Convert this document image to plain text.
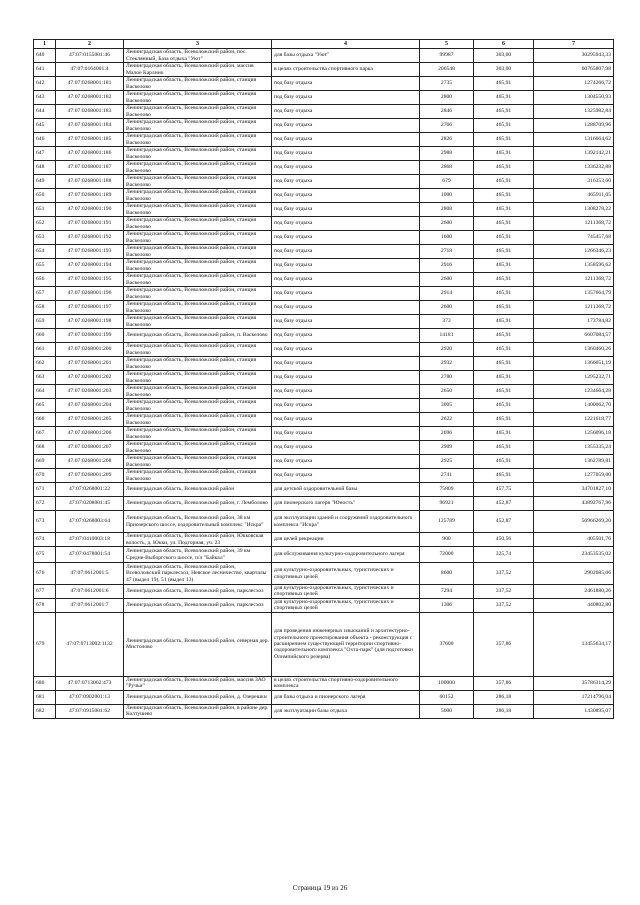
1	2	3	4	5	6	7
640	47:07:0155001:46	Ленинградская область, Всеволожский район, пос. Стеклянный, База отдыха "Уют"	для базы отдыха "Уют"	99987	303,00	30295943,33
641	47:07:0164001:4	Ленинградская область, Всеволожский район, массив Малое Карлино	в целях строительства спортивного парка	200548	303,00	60765807,98
642	47:07:0268001:181	Ленинградская область, Всеволожский район, станция Васкелово	под базу отдыха	2735	465,91	1274266,72
643	47:07:0268001:182	Ленинградская область, Всеволожский район, станция Васкелово	под базу отдыха	2800	465,91	1304550,93
644	47:07:0268001:183	Ленинградская область, Всеволожский район, станция Васкелово	под базу отдыха	2846	465,91	1325982,84
645	47:07:0268001:184	Ленинградская область, Всеволожский район, станция Васкелово	под базу отдыха	2766	465,91	1288709,96
646	47:07:0268001:185	Ленинградская область, Всеволожский район, станция Васкелово	под базу отдыха	2826	465,91	1316664,62
647	47:07:0268001:186	Ленинградская область, Всеволожский район, станция Васкелово	под базу отдыха	2988	465,91	1392142,21
648	47:07:0268001:187	Ленинградская область, Всеволожский район, станция Васкелово	под базу отдыха	2868	465,91	1336232,88
649	47:07:0268001:188	Ленинградская область, Всеволожский район, станция Васкелово	под базу отдыха	679	465,91	316353,60
650	47:07:0268001:189	Ленинградская область, Всеволожский район, станция Васкелово	под базу отдыха	1000	465,91	465911,05
651	47:07:0268001:190	Ленинградская область, Всеволожский район, станция Васкелово	под базу отдыха	2808	465,91	1308278,22
652	47:07:0268001:191	Ленинградская область, Всеволожский район, станция Васкелово	под базу отдыха	2600	465,91	1211368,72
653	47:07:0268001:192	Ленинградская область, Всеволожский район, станция Васкелово	под базу отдыха	1600	465,91	745457,68
654	47:07:0268001:193	Ленинградская область, Всеволожский район, станция Васкелово	под базу отдыха	2718	465,91	1266346,23
655	47:07:0268001:194	Ленинградская область, Всеволожский район, станция Васкелово	под базу отдыха	2916	465,91	1358596,62
656	47:07:0268001:195	Ленинградская область, Всеволожский район, станция Васкелово	под базу отдыха	2600	465,91	1211368,72
657	47:07:0268001:196	Ленинградская область, Всеволожский район, станция Васкелово	под базу отдыха	2914	465,91	1357664,79
658	47:07:0268001:197	Ленинградская область, Всеволожский район, станция Васкелово	под базу отдыха	2600	465,91	1211368,72
659	47:07:0268001:198	Ленинградская область, Всеволожский район, станция Васкелово	под базу отдыха	373	465,91	173784,82
660	47:07:0268001:199	Ленинградская область, Всеволожский район, п. Васкелово	под базу отдыха	14181	465,91	6607084,57
661	47:07:0268001:200	Ленинградская область, Всеволожский район, станция Васкелово	под базу отдыха	2920	465,91	1360460,26
662	47:07:0268001:201	Ленинградская область, Всеволожский район, станция Васкелово	под базу отдыха	2932	465,91	1366051,19
663	47:07:0268001:202	Ленинградская область, Всеволожский район, станция Васкелово	под базу отдыха	2780	465,91	1295232,71
664	47:07:0268001:203	Ленинградская область, Всеволожский район, станция Васкелово	под базу отдыха	2650	465,91	1234664,28
665	47:07:0268001:204	Ленинградская область, Всеволожский район, станция Васкелово	под базу отдыха	3005	465,91	1400062,70
666	47:07:0268001:205	Ленинградская область, Всеволожский район, станция Васкелово	под базу отдыха	2622	465,91	1221618,77
667	47:07:0268001:206	Ленинградская область, Всеволожский район, станция Васкелово	под базу отдыха	2696	465,91	1256096,18
668	47:07:0268001:207	Ленинградская область, Всеволожский район, станция Васкелово	под базу отдыха	2909	465,91	1355335,24
669	47:07:0268001:208	Ленинградская область, Всеволожский район, станция Васкелово	под базу отдыха	2925	465,91	1362789,81
670	47:07:0268001:209	Ленинградская область, Всеволожский район, станция Васкелово	под базу отдыха	2741	465,91	1277059,00
671	47:07:0268001:22	Ленинградская область, Всеволожский район	для детской оздоровительной базы	75809	457,75	34701827,10
672	47:07:0208001:45	Ленинградская область, Всеволожский район, г. Лемболово	для пионерского лагеря "Юность"	96921	452,87	43892767,96
673	47:07:0268003:64	Ленинградская область, Всеволожский район, 38 км Приозерского шоссе, оздоровительный комплекс "Искра"	для эксплуатации зданий и сооружений оздоровительного комплекса "Искра"	125789	452,87	56966269,20
674	47:07:0410003:18	Ленинградская область, Всеволожский район, Юкковская волость, д. Юкки, ул. Подгорная, уч. 23	для целей рекреации	900	450,56	405501,76
675	47:07:0478001:54	Ленинградская область, Всеволожский район, 39 км Средне-Выборгского шоссе, п/л "Байкал"	для обслуживания культурно-оздоровительного лагеря	72000	325,74	23453535,02
676	47:07:0612001:5	Ленинградская область, Всеволожский район, Всеволожский парклесхоз, Невское лесничество, кварталы 47 (выдел 19), 51 (выдел 13)	для культурно-оздоровительных, туристических и спортивных целей	8600	337,52	2902685,06
677	47:07:0612001:6	Ленинградская область, Всеволожский район, парклесхоз	для культурно-оздоровительных, туристических и спортивных целей	7294	337,52	2461880,26
678	47:07:0612001:7	Ленинградская область, Всеволожский район, парклесхоз	для культурно-оздоровительных, туристических и спортивных целей	1306	337,52	440802,80
679	47:07:0713002:1132	Ленинградская область, Всеволожский район, северная дер. Мистолово	для проведения инженерных изысканий и архитектурно-строительного проектирования объекта - реконструкция с расширением существующей территории спортивно-оздоровительного комплекса "Охта-парк" (для подготовки Олимпийского резерва)	37600	357,86	13455634,17
680	47:07:0713002:473	Ленинградская область, Всеволожский район, массив ЗАО "Ручьи"	в целях строительства спортивно-оздоровительного комплекса	100000	357,86	35786314,29
681	47:07:0902001:13	Ленинградская область, Всеволожский район, д. Озерешки	для базы отдыха и пионерского лагеря	60152	286,18	17214796,04
682	47:07:0915001:62	Ленинградская область, Всеволожский район, в районе дер. Колтушево	для эксплуатации базы отдыха	5000	286,18	1430895,07
Страница 19 из 26
